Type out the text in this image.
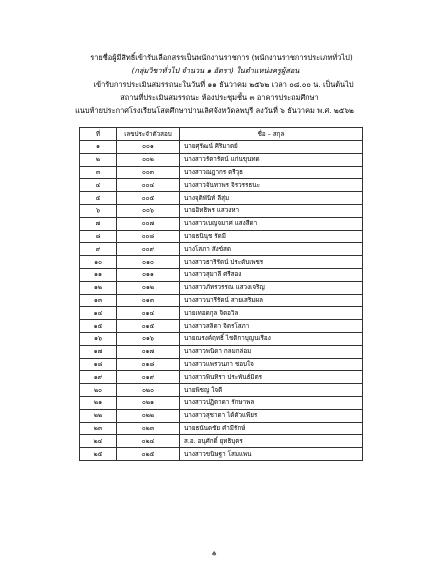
รายชื่อผู้มีสิทธิ์เข้ารับเลือกสรรเป็นพนักงานราชการ (พนักงานราชการประเภททั่วไป)
(กลุ่มวิชาทั่วไป จำนวน ๑ อัตรา) ในตำแหน่งครูผู้สอน
เข้ารับการประเมินสมรรถนะในวันที่ ๑๑ ธันวาคม ๒๕๖๒ เวลา ๐๘.๐๐ น. เป็นต้นไป
สถานที่ประเมินสมรรถนะ ห้องประชุมชั้น ๓ อาคารประถมศึกษา
แนบท้ายประกาศโรงเรียนโสตศึกษาปานเลิศจังหวัดลพบุรี ลงวันที่ ๖ ธันวาคม พ.ศ. ๒๕๖๒
ที่	เลขประจำตัวสอบ	ชื่อ – สกุล
๑	๐๐๑	นายศุรัฒน์ ศิริมาตย์
๒	๐๐๒	นางสาวรัตารัตน์ แก่นขุนทด
๓	๐๐๓	นางสาวฌฎากร ตรีวุธ
๔	๐๐๔	นางสาวจันทาพร จิรวรรธนะ
๕	๐๐๕	นางจุติพันิท์ ลีสุ่ม
๖	๐๐๖	นายอิทธิพร แสวงหา
๗	๐๐๗	นางสาวเบญจมาศ แสงสีดา
๘	๐๐๘	นายธนินุช รัดมี
๙	๐๐๙	นางโสภา สังข์สด
๑๐	๐๑๐	นางสาวธาริรัตน์ ประดับเพชร
๑๑	๐๑๑	นางสาวสุมาลี ศรีสอง
๑๒	๐๑๒	นางสาวภัทรวรรณ แสวงเจริญ
๑๓	๐๑๓	นางสาวนารีรัตน์ สายเสริมผล
๑๔	๐๑๔	นายเทอดกุล จิตอวิล
๑๕	๐๑๕	นางสาวสลิตา จิตรโสภา
๑๖	๐๑๖	นายณรงค์ฤทธิ์ ไชติกาบุญนเรือง
๑๗	๐๑๗	นางสาวพนิดา กลมกล่อม
๑๘	๐๑๘	นางสาวแพรวนภา ชอบใจ
๑๙	๐๑๙	นางสาวพินทิรา ประพันธ์มิตร
๒๐	๐๒๐	นายพิชญ ใจดี
๒๑	๐๒๑	นางสาวปฏิตาดา รักษาพล
๒๒	๐๒๒	นางสาวสุชาดา ได้ตัวแพียร
๒๓	๐๒๓	นายธนันดชัย คำมีรักษ์
๒๔	๐๒๔	ส.อ. อนุศักดิ์ ยุทธิบุตร
๒๕	๐๒๕	นางสาวขนิษฐา โสมแพน
♠
